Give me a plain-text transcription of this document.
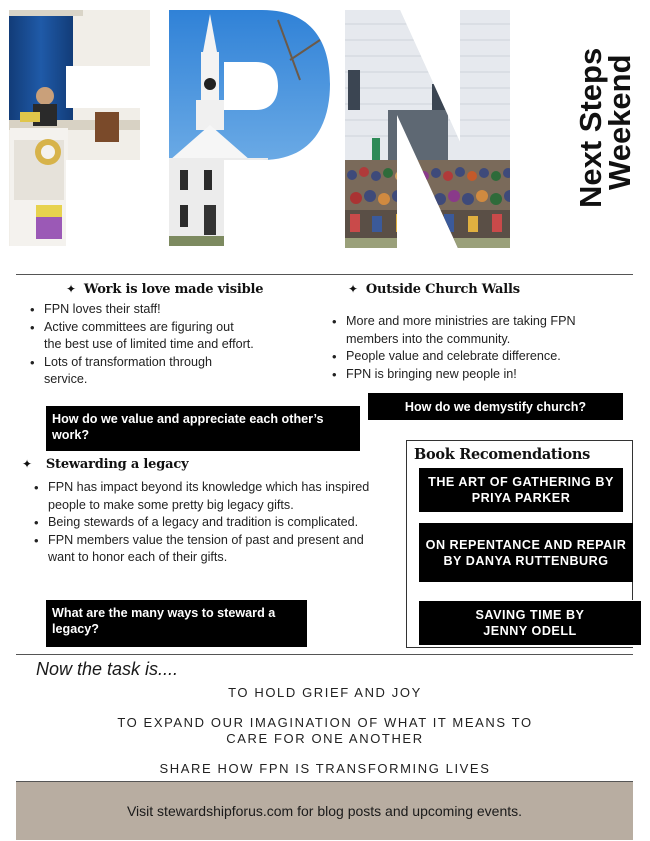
Next Steps
Weekend
✦ Work is love made visible
• FPN loves their staff!
• Active committees are figuring out the best use of limited time and effort.
• Lots of transformation through service.
How do we value and appreciate each other’s work?
✦ Outside Church Walls
• More and more ministries are taking FPN members into the community.
• People value and celebrate difference.
• FPN is bringing new people in!
How do we demystify church?
✦ Stewarding a legacy
• FPN has impact beyond its knowledge which has inspired people to make some pretty big legacy gifts.
• Being stewards of a legacy and tradition is complicated.
• FPN members value the tension of past and present and want to honor each of their gifts.
What are the many ways to steward a legacy?
Book Recomendations
THE ART OF GATHERING BY PRIYA PARKER
ON REPENTANCE AND REPAIR BY DANYA RUTTENBURG
SAVING TIME BY JENNY ODELL
Now the task is....
TO HOLD GRIEF AND JOY
TO EXPAND OUR IMAGINATION OF WHAT IT MEANS TO
CARE FOR ONE ANOTHER
SHARE HOW FPN IS TRANSFORMING LIVES
Visit stewardshipforus.com for blog posts and upcoming events.
